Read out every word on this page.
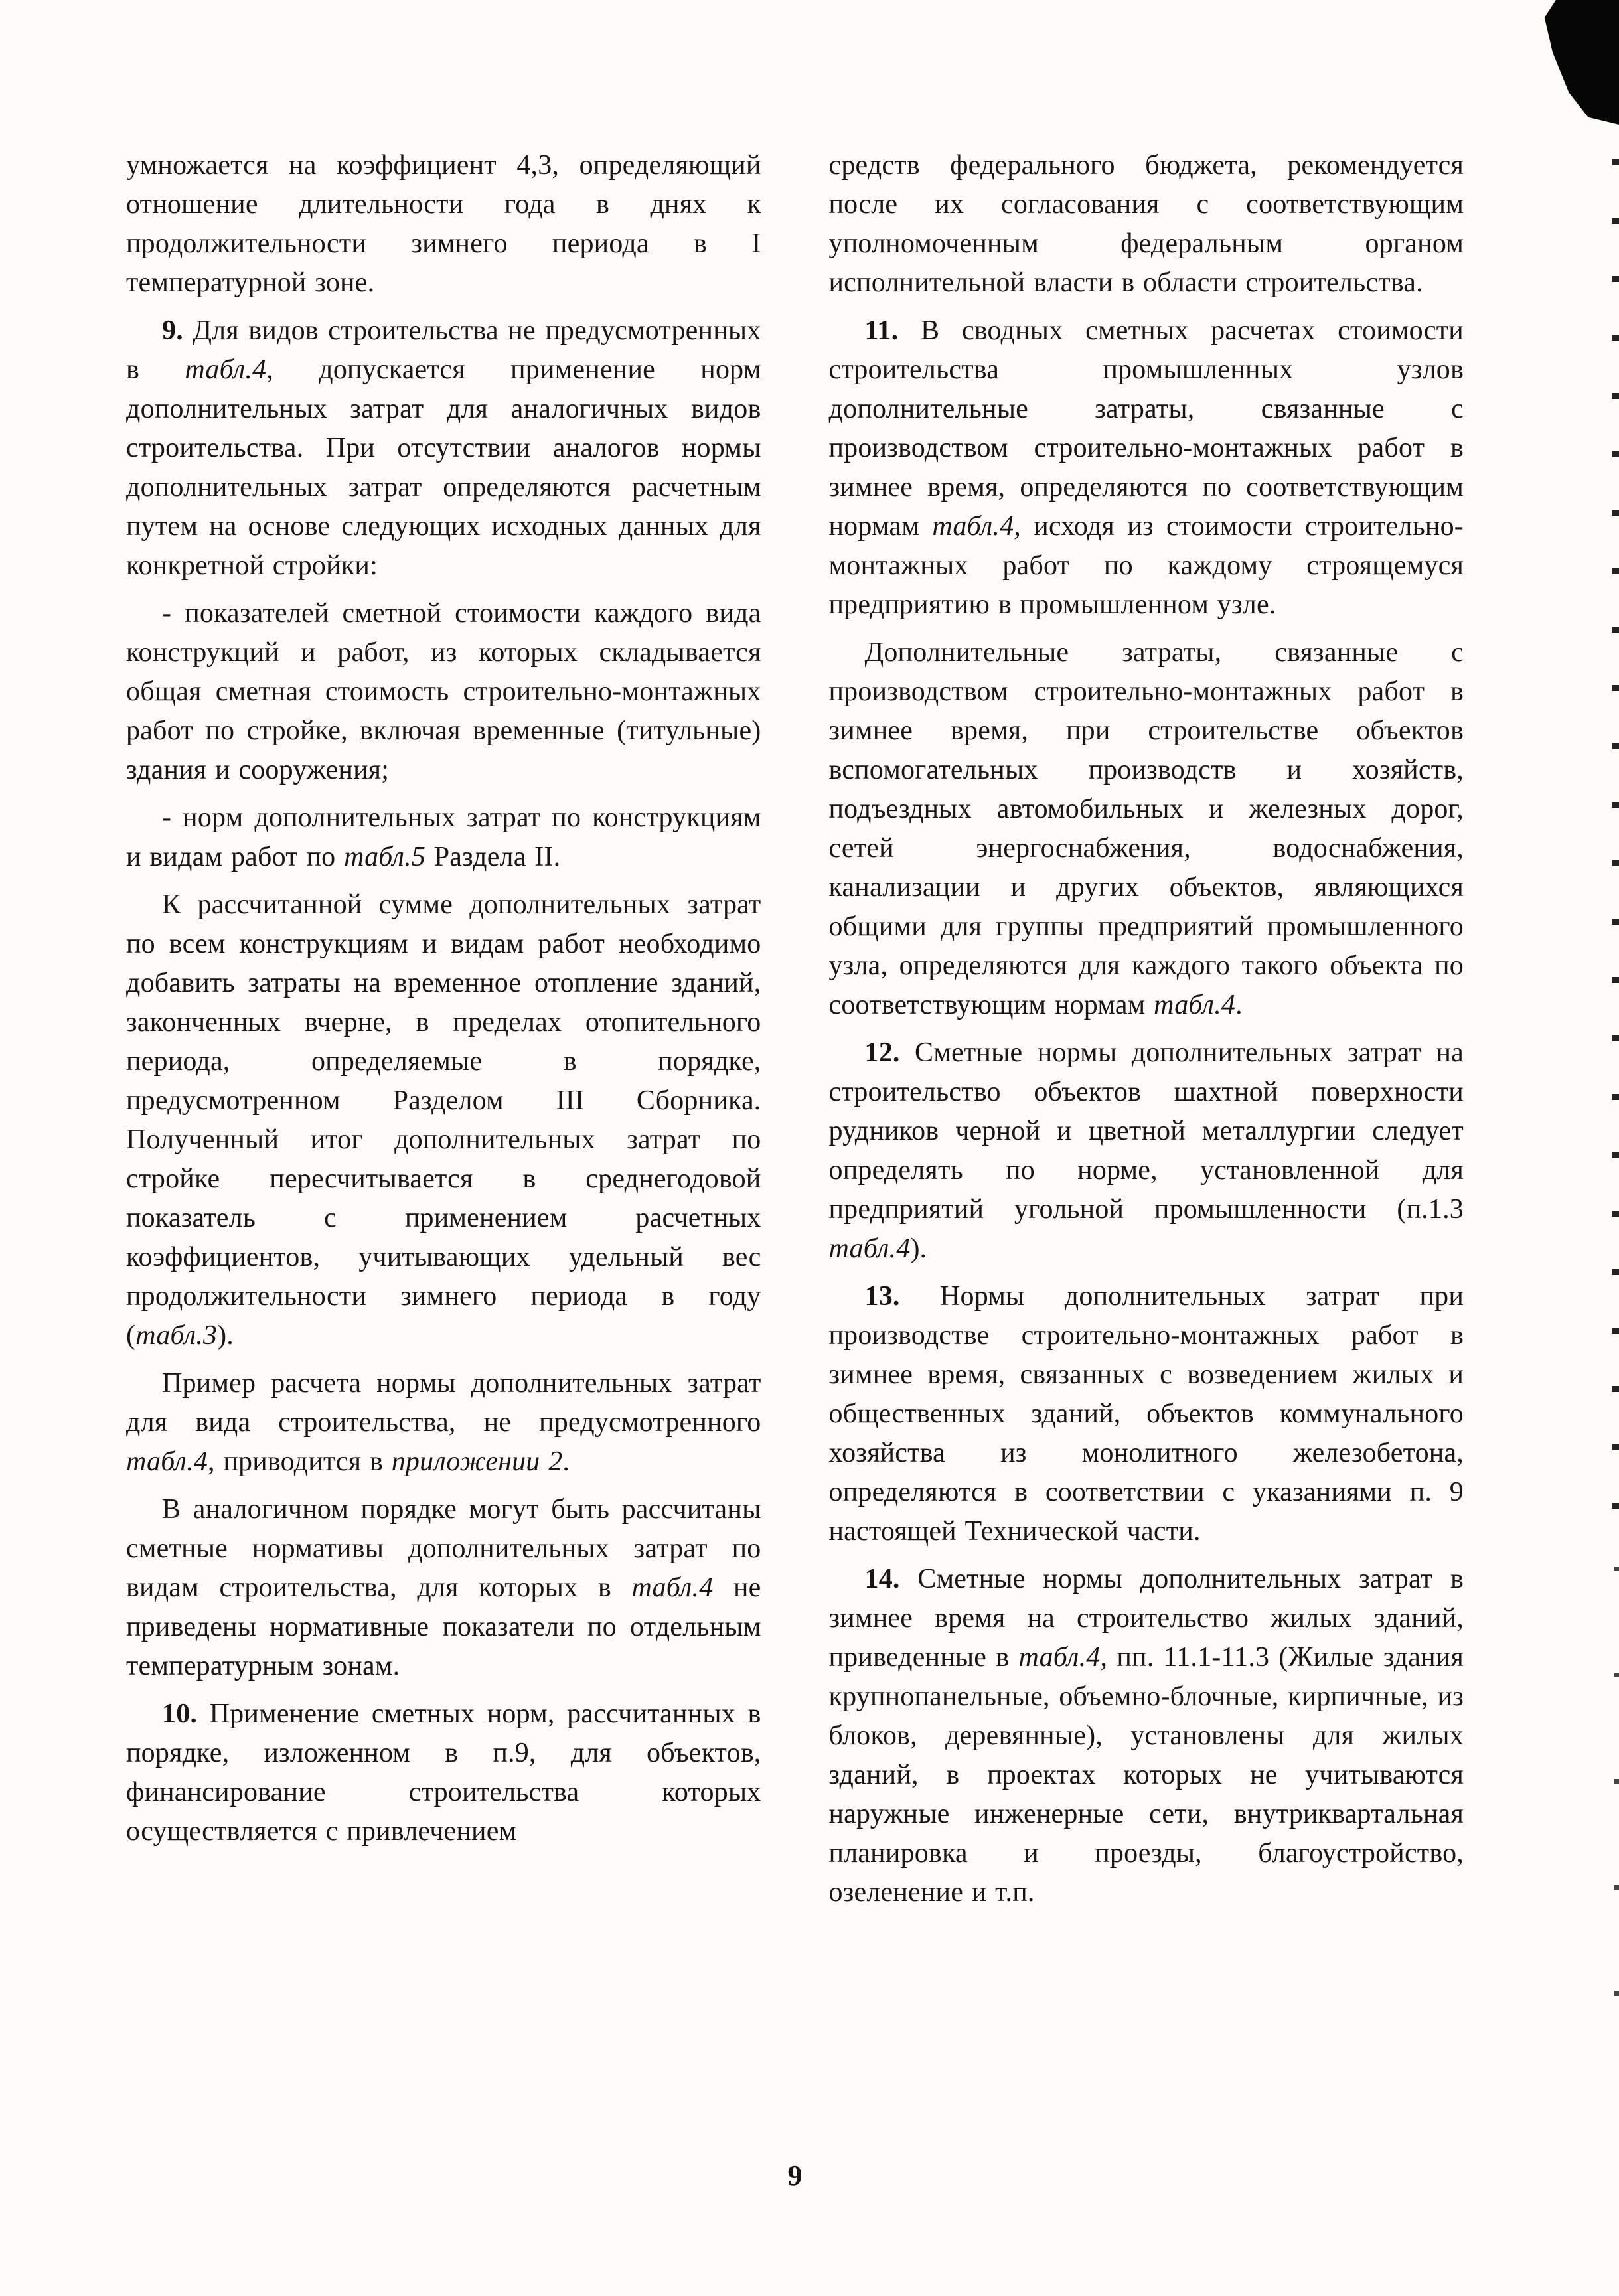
умножается на коэффициент 4,3, определяющий отношение длительности года в днях к продолжительности зимнего периода в I температурной зоне.

9. Для видов строительства не предусмотренных в табл.4, допускается применение норм дополнительных затрат для аналогичных видов строительства. При отсутствии аналогов нормы дополнительных затрат определяются расчетным путем на основе следующих исходных данных для конкретной стройки:

- показателей сметной стоимости каждого вида конструкций и работ, из которых складывается общая сметная стоимость строительно-монтажных работ по стройке, включая временные (титульные) здания и сооружения;

- норм дополнительных затрат по конструкциям и видам работ по табл.5 Раздела II.

К рассчитанной сумме дополнительных затрат по всем конструкциям и видам работ необходимо добавить затраты на временное отопление зданий, законченных вчерне, в пределах отопительного периода, определяемые в порядке, предусмотренном Разделом III Сборника. Полученный итог дополнительных затрат по стройке пересчитывается в среднегодовой показатель с применением расчетных коэффициентов, учитывающих удельный вес продолжительности зимнего периода в году (табл.3).

Пример расчета нормы дополнительных затрат для вида строительства, не предусмотренного табл.4, приводится в приложении 2.

В аналогичном порядке могут быть рассчитаны сметные нормативы дополнительных затрат по видам строительства, для которых в табл.4 не приведены нормативные показатели по отдельным температурным зонам.

10. Применение сметных норм, рассчитанных в порядке, изложенном в п.9, для объектов, финансирование строительства которых осуществляется с привлечением

средств федерального бюджета, рекомендуется после их согласования с соответствующим уполномоченным федеральным органом исполнительной власти в области строительства.

11. В сводных сметных расчетах стоимости строительства промышленных узлов дополнительные затраты, связанные с производством строительно-монтажных работ в зимнее время, определяются по соответствующим нормам табл.4, исходя из стоимости строительно-монтажных работ по каждому строящемуся предприятию в промышленном узле.

Дополнительные затраты, связанные с производством строительно-монтажных работ в зимнее время, при строительстве объектов вспомогательных производств и хозяйств, подъездных автомобильных и железных дорог, сетей энергоснабжения, водоснабжения, канализации и других объектов, являющихся общими для группы предприятий промышленного узла, определяются для каждого такого объекта по соответствующим нормам табл.4.

12. Сметные нормы дополнительных затрат на строительство объектов шахтной поверхности рудников черной и цветной металлургии следует определять по норме, установленной для предприятий угольной промышленности (п.1.3 табл.4).

13. Нормы дополнительных затрат при производстве строительно-монтажных работ в зимнее время, связанных с возведением жилых и общественных зданий, объектов коммунального хозяйства из монолитного железобетона, определяются в соответствии с указаниями п. 9 настоящей Технической части.

14. Сметные нормы дополнительных затрат в зимнее время на строительство жилых зданий, приведенные в табл.4, пп. 11.1-11.3 (Жилые здания крупнопанельные, объемно-блочные, кирпичные, из блоков, деревянные), установлены для жилых зданий, в проектах которых не учитываются наружные инженерные сети, внутриквартальная планировка и проезды, благоустройство, озеленение и т.п.

9
